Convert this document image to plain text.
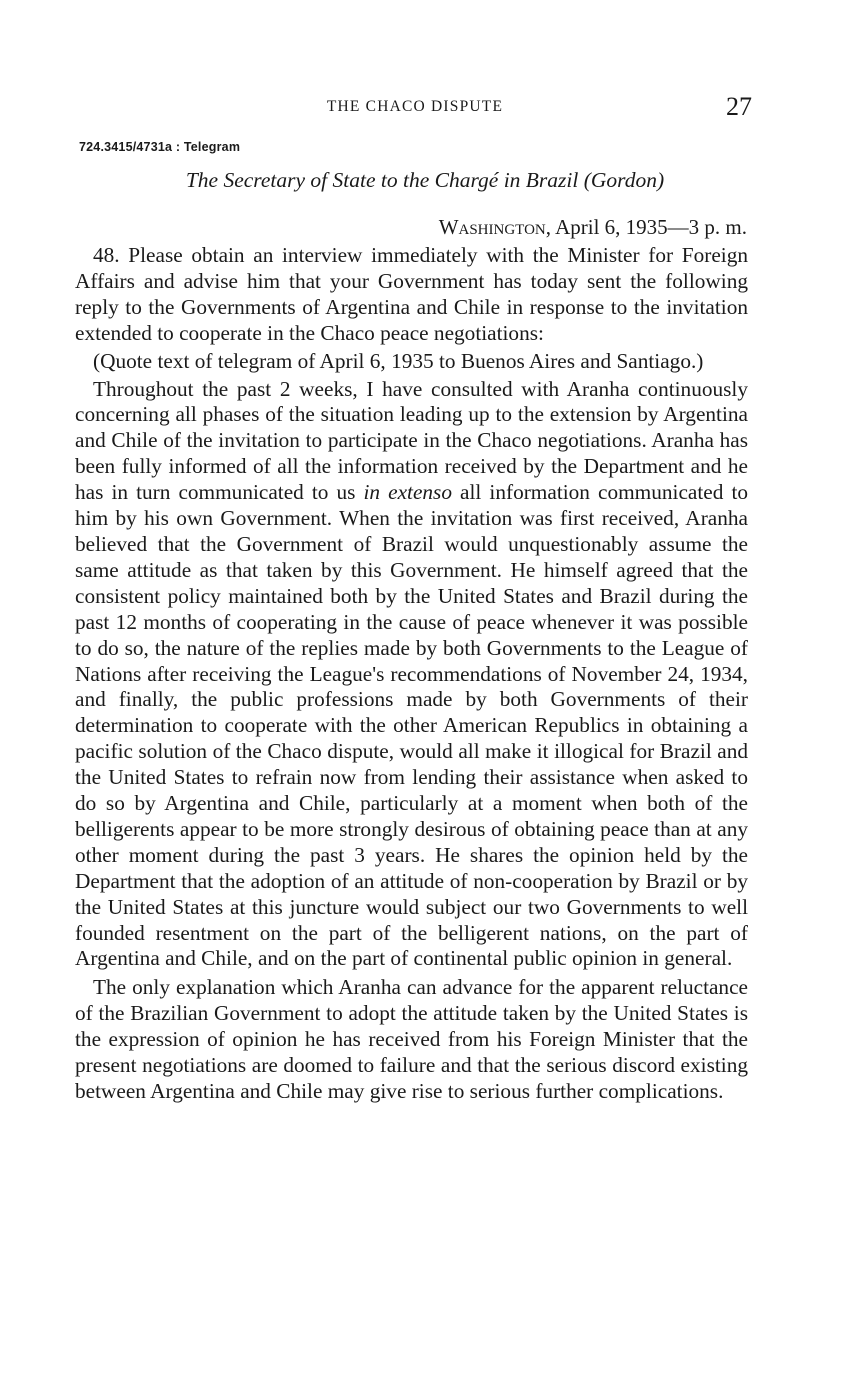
THE CHACO DISPUTE	27
724.3415/4731a : Telegram
The Secretary of State to the Chargé in Brazil (Gordon)
Washington, April 6, 1935—3 p. m.

48. Please obtain an interview immediately with the Minister for Foreign Affairs and advise him that your Government has today sent the following reply to the Governments of Argentina and Chile in response to the invitation extended to cooperate in the Chaco peace negotiations:

(Quote text of telegram of April 6, 1935 to Buenos Aires and Santiago.)

Throughout the past 2 weeks, I have consulted with Aranha continuously concerning all phases of the situation leading up to the extension by Argentina and Chile of the invitation to participate in the Chaco negotiations. Aranha has been fully informed of all the information received by the Department and he has in turn communicated to us in extenso all information communicated to him by his own Government. When the invitation was first received, Aranha believed that the Government of Brazil would unquestionably assume the same attitude as that taken by this Government. He himself agreed that the consistent policy maintained both by the United States and Brazil during the past 12 months of cooperating in the cause of peace whenever it was possible to do so, the nature of the replies made by both Governments to the League of Nations after receiving the League's recommendations of November 24, 1934, and finally, the public professions made by both Governments of their determination to cooperate with the other American Republics in obtaining a pacific solution of the Chaco dispute, would all make it illogical for Brazil and the United States to refrain now from lending their assistance when asked to do so by Argentina and Chile, particularly at a moment when both of the belligerents appear to be more strongly desirous of obtaining peace than at any other moment during the past 3 years. He shares the opinion held by the Department that the adoption of an attitude of non-cooperation by Brazil or by the United States at this juncture would subject our two Governments to well founded resentment on the part of the belligerent nations, on the part of Argentina and Chile, and on the part of continental public opinion in general.

The only explanation which Aranha can advance for the apparent reluctance of the Brazilian Government to adopt the attitude taken by the United States is the expression of opinion he has received from his Foreign Minister that the present negotiations are doomed to failure and that the serious discord existing between Argentina and Chile may give rise to serious further complications.
